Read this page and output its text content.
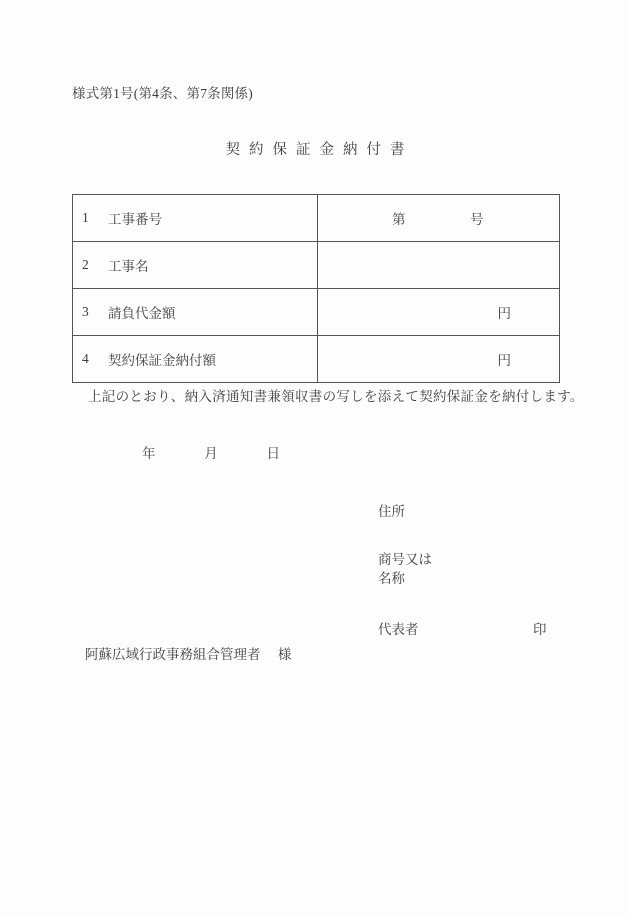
様式第1号(第4条、第7条関係)
契約保証金納付書
1 工事番号	第 号

2 工事名	

3 請負代金額	円

4 契約保証金納付額	円
上記のとおり、納入済通知書兼領収書の写しを添えて契約保証金を納付します。
年	月	日
住所
商号又は
名称
代表者	印
阿蘇広域行政事務組合管理者 様
